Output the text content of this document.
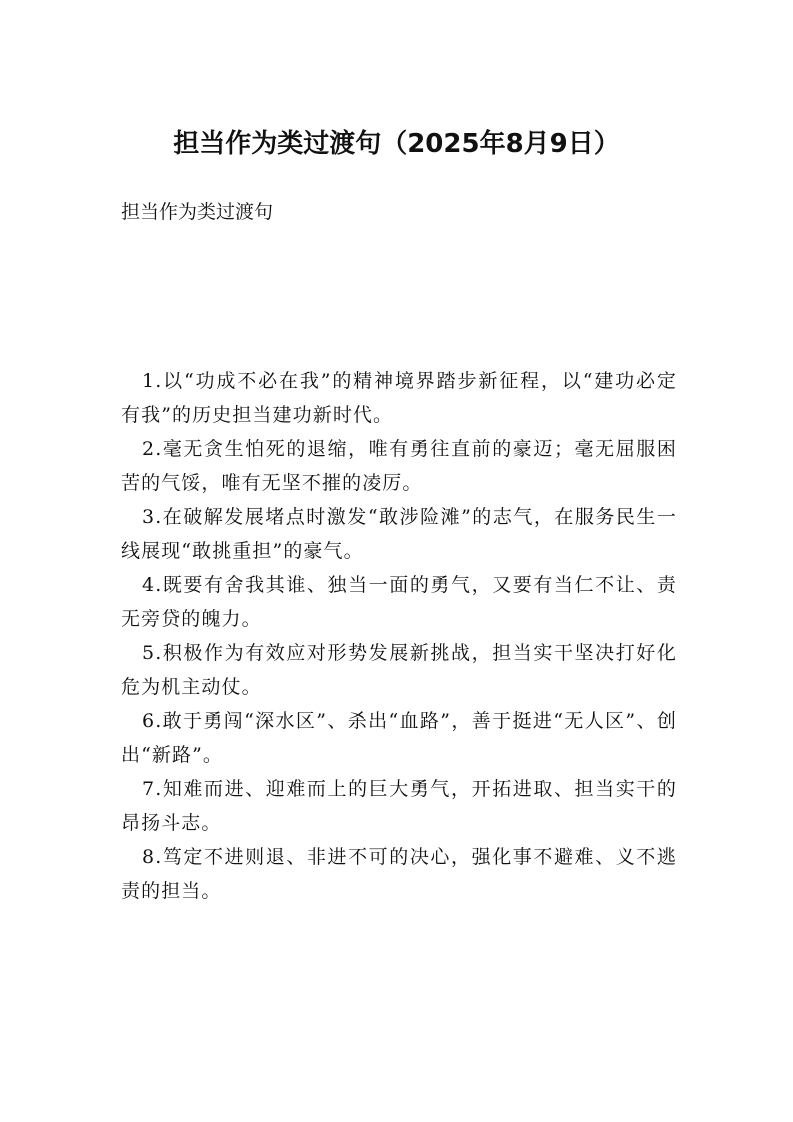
担当作为类过渡句（2025年8月9日）
担当作为类过渡句

1.以“功成不必在我”的精神境界踏步新征程，以“建功必定有我”的历史担当建功新时代。

2.毫无贪生怕死的退缩，唯有勇往直前的豪迈；毫无屈服困苦的气馁，唯有无坚不摧的凌厉。

3.在破解发展堵点时激发“敢涉险滩”的志气，在服务民生一线展现“敢挑重担”的豪气。

4.既要有舍我其谁、独当一面的勇气，又要有当仁不让、责无旁贷的魄力。

5.积极作为有效应对形势发展新挑战，担当实干坚决打好化危为机主动仗。

6.敢于勇闯“深水区”、杀出“血路”，善于挺进“无人区”、创出“新路”。

7.知难而进、迎难而上的巨大勇气，开拓进取、担当实干的昂扬斗志。

8.笃定不进则退、非进不可的决心，强化事不避难、义不逃责的担当。
